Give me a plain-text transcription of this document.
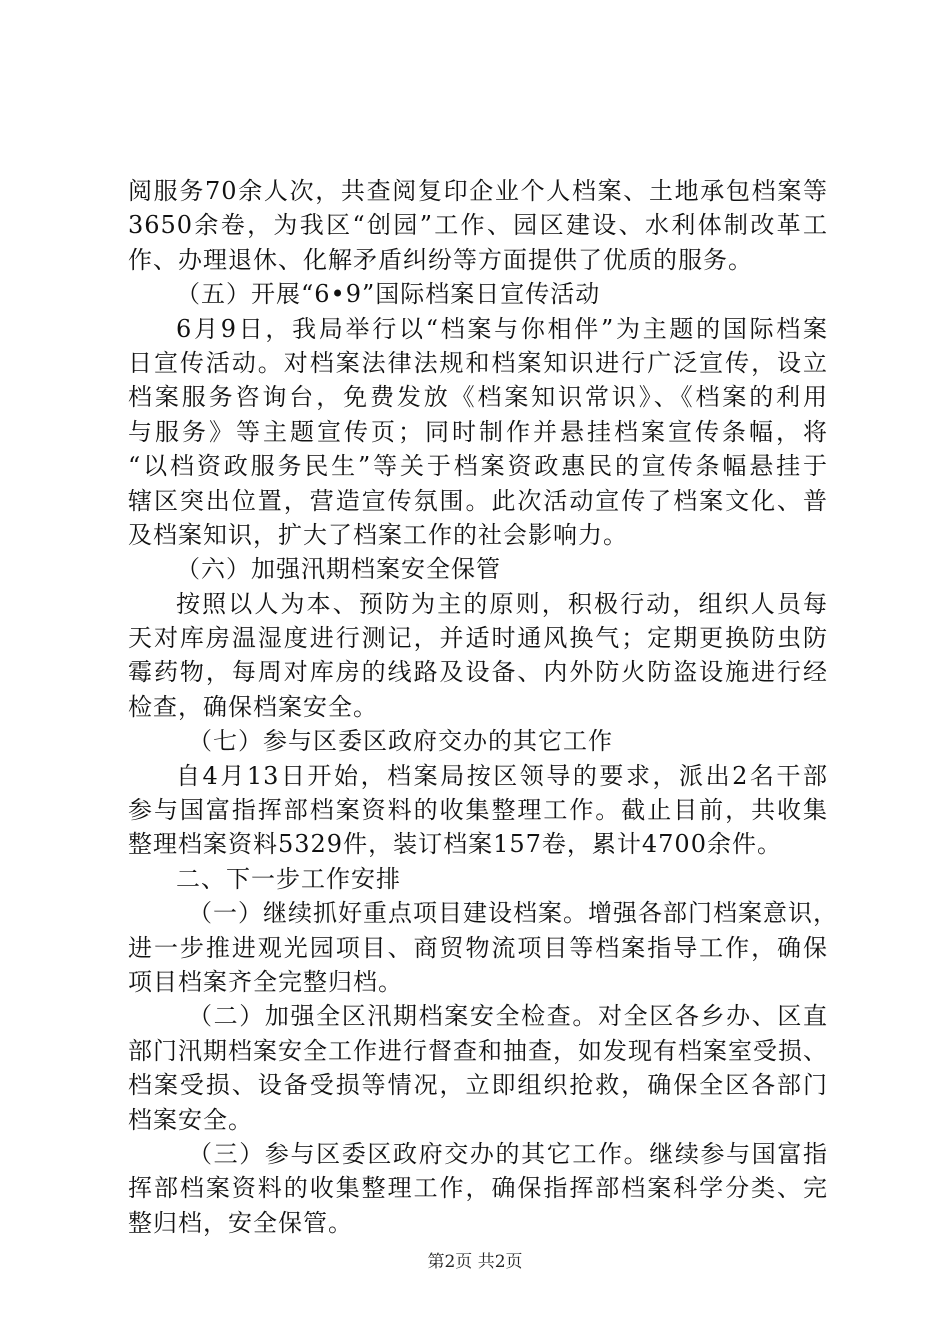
阅服务70余人次，共查阅复印企业个人档案、土地承包档案等
3650余卷，为我区“创园”工作、园区建设、水利体制改革工
作、办理退休、化解矛盾纠纷等方面提供了优质的服务。
（五）开展“6•9”国际档案日宣传活动
6月9日，我局举行以“档案与你相伴”为主题的国际档案
日宣传活动。对档案法律法规和档案知识进行广泛宣传，设立
档案服务咨询台，免费发放《档案知识常识》、《档案的利用
与服务》等主题宣传页；同时制作并悬挂档案宣传条幅，将
“以档资政服务民生”等关于档案资政惠民的宣传条幅悬挂于
辖区突出位置，营造宣传氛围。此次活动宣传了档案文化、普
及档案知识，扩大了档案工作的社会影响力。
（六）加强汛期档案安全保管
按照以人为本、预防为主的原则，积极行动，组织人员每
天对库房温湿度进行测记，并适时通风换气；定期更换防虫防
霉药物，每周对库房的线路及设备、内外防火防盗设施进行经
检查，确保档案安全。
（七）参与区委区政府交办的其它工作
自4月13日开始，档案局按区领导的要求，派出2名干部
参与国富指挥部档案资料的收集整理工作。截止目前，共收集
整理档案资料5329件，装订档案157卷，累计4700余件。
二、下一步工作安排
（一）继续抓好重点项目建设档案。增强各部门档案意识，
进一步推进观光园项目、商贸物流项目等档案指导工作，确保
项目档案齐全完整归档。
（二）加强全区汛期档案安全检查。对全区各乡办、区直
部门汛期档案安全工作进行督查和抽查，如发现有档案室受损、
档案受损、设备受损等情况，立即组织抢救，确保全区各部门
档案安全。
（三）参与区委区政府交办的其它工作。继续参与国富指
挥部档案资料的收集整理工作，确保指挥部档案科学分类、完
整归档，安全保管。
第2页 共2页
